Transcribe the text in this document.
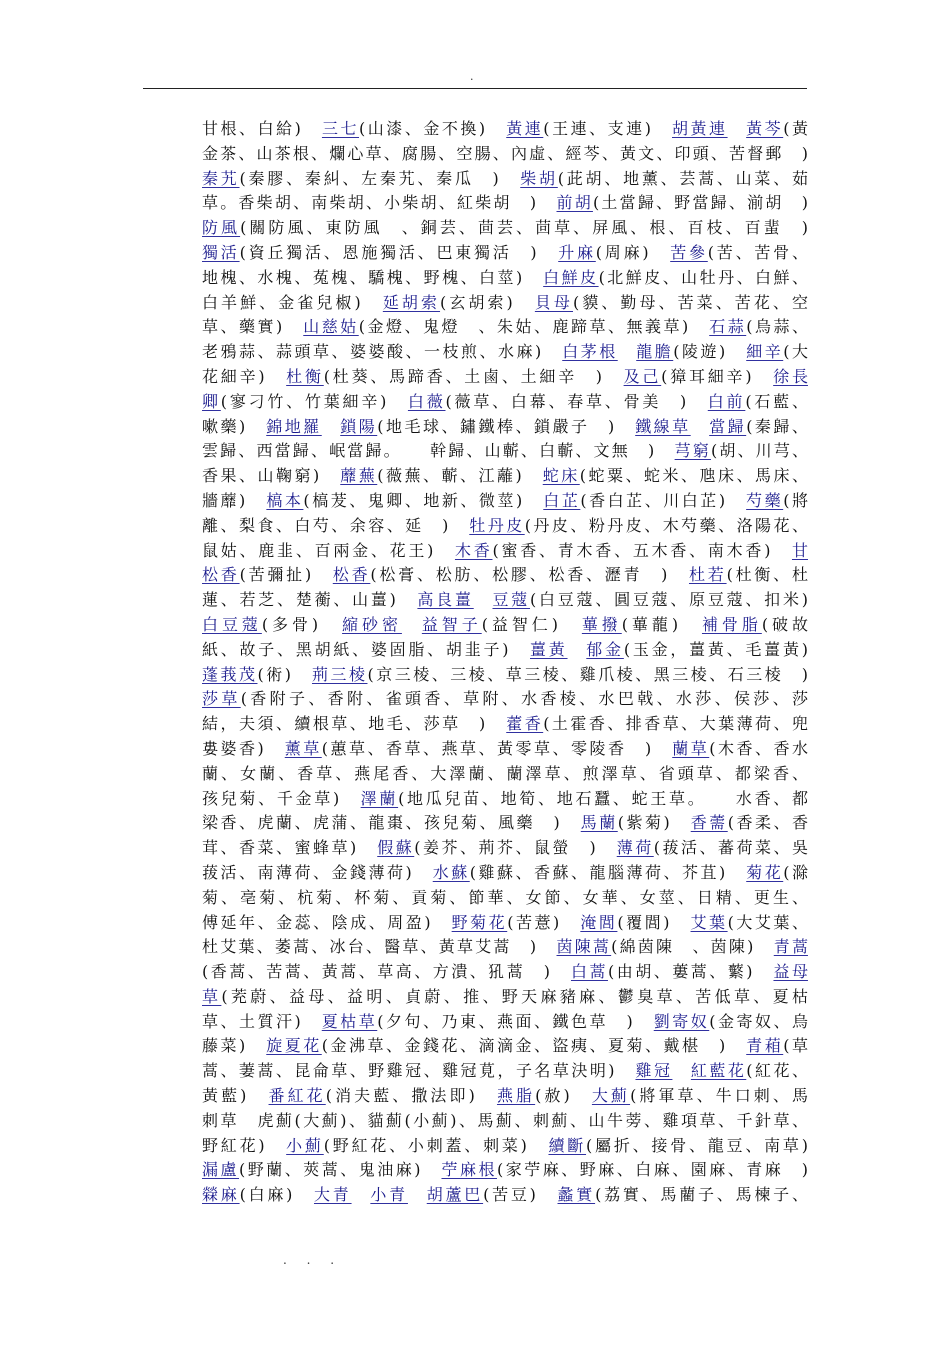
.
甘根、白給)　三七(山漆、金不換)　黃連(王連、支連)　胡黃連　 黃芩(黃
金茶、山茶根、爛心草、腐腸、空腸、內虛、經芩、黃文、印頭、苦督郵　)
秦艽(秦膠、秦糾、左秦艽、秦瓜　)　柴胡(茈胡、地薰、芸蒿、山菜、茹
草。香柴胡、南柴胡、小柴胡、紅柴胡　)　前胡(土當歸、野當歸、湔胡　)
防風(關防風、東防風　、銅芸、茴芸、茴草、屏風、根、百枝、百蜚　)
獨活(資丘獨活、恩施獨活、巴東獨活　)　升麻(周麻)　苦參(苦、苦骨、
地槐、水槐、菟槐、驕槐、野槐、白莖)　白鮮皮(北鮮皮、山牡丹、白鮮、
白羊鮮、金雀兒椒)　延胡索(玄胡索)　貝母(貘、勤母、苦菜、苦花、空
草、藥實)　山慈姑(金燈、鬼燈　、朱姑、鹿蹄草、無義草)　石蒜(烏蒜、
老鴉蒜、蒜頭草、婆婆酸、一枝煎、水麻)　白茅根　 龍膽(陵遊)　細辛(大
花細辛)　杜衡(杜葵、馬蹄香、土鹵、土細辛　)　及己(獐耳細辛)　徐長
卿(寥刁竹、竹葉細辛)　白薇(薇草、白幕、春草、骨美　)　白前(石藍、
嗽藥)　錦地羅　 鎖陽(地毛球、鏽鐵棒、鎖嚴子　)　鐵線草　 當歸(秦歸、
雲歸、西當歸、岷當歸。　　幹歸、山蘄、白蘄、文無　)　芎窮(胡、川芎、
香果、山鞠窮)　蘼蕪(薇蕪、蘄、江蘺)　蛇床(蛇粟、蛇米、虺床、馬床、
牆蘼)　槁本(槁茇、鬼卿、地新、微莖)　白芷(香白芷、川白芷)　芍藥(將
離、梨食、白芍、余容、延　)　牡丹皮(丹皮、粉丹皮、木芍藥、洛陽花、
鼠姑、鹿韭、百兩金、花王)　木香(蜜香、青木香、五木香、南木香)　甘
松香(苦彌扯)　松香(松膏、松肪、松膠、松香、瀝青　)　杜若(杜衡、杜
蓮、若芝、楚蘅、山薑)　高良薑　 豆蔻(白豆蔻、圓豆蔻、原豆蔻、扣米)
白豆蔻(多骨)　縮砂密　 益智子(益智仁)　蓽撥(蓽蘢)　補骨脂(破故
紙、故子、黑胡紙、婆固脂、胡韭子)　薑黃　 郁金(玉金，薑黃、毛薑黃)
蓬莪茂(術)　荊三棱(京三棱、三棱、草三棱、雞爪棱、黑三棱、石三棱　)
莎草(香附子、香附、雀頭香、草附、水香棱、水巴戟、水莎、侯莎、莎
結，夫須、續根草、地毛、莎草　)　藿香(土霍香、排香草、大葉薄荷、兜
婁婆香)　薰草(蕙草、香草、燕草、黃零草、零陵香　)　蘭草(木香、香水
蘭、女蘭、香草、燕尾香、大澤蘭、蘭澤草、煎澤草、省頭草、都梁香、
孩兒菊、千金草)　澤蘭(地瓜兒苗、地筍、地石蠶、蛇王草。　　水香、都
梁香、虎蘭、虎蒲、龍棗、孩兒菊、風藥　)　馬蘭(紫菊)　香薷(香柔、香
茸、香菜、蜜蜂草)　假蘇(姜芥、荊芥、鼠螢　)　薄荷(菝活、蕃荷菜、吳
菝活、南薄荷、金錢薄荷)　水蘇(雞蘇、香蘇、龍腦薄荷、芥苴)　菊花(滁
菊、亳菊、杭菊、杯菊、貢菊、節華、女節、女華、女莖、日精、更生、
傅延年、金蕊、陰成、周盈)　野菊花(苦薏)　淹閭(覆閭)　艾葉(大艾葉、
杜艾葉、萎蒿、冰台、醫草、黃草艾蒿　)　茵陳蒿(綿茵陳　、茵陳)　青蒿
(香蒿、苦蒿、黃蒿、草高、方潰、犼蒿　)　白蒿(由胡、蔞蒿、蘩)　益母
草(茺蔚、益母、益明、貞蔚、推、野天麻豬麻、鬱臭草、苦低草、夏枯
草、土質汗)　夏枯草(夕句、乃東、燕面、鐵色草　)　劉寄奴(金寄奴、烏
藤菜)　旋夏花(金沸草、金錢花、滴滴金、盜痍、夏菊、戴椹　)　青葙(草
蒿、萋蒿、昆侖草、野雞冠、雞冠莧，子名草決明)　雞冠　 紅藍花(紅花、
黃藍)　番紅花(消夫藍、撒法即)　燕脂(赦)　大薊(將軍草、牛口刺、馬
刺草　虎薊(大薊)、貓薊(小薊)、馬薊、刺薊、山牛蒡、雞項草、千針草、
野紅花)　小薊(野紅花、小刺蓋、刺菜)　續斷(屬折、接骨、龍豆、南草)
漏盧(野蘭、莢蒿、鬼油麻)　苧麻根(家苧麻、野麻、白麻、園麻、青麻　)
檾麻(白麻)　大青　 小青　 胡蘆巴(苦豆)　蠡實(荔實、馬藺子、馬楝子、
. . .
